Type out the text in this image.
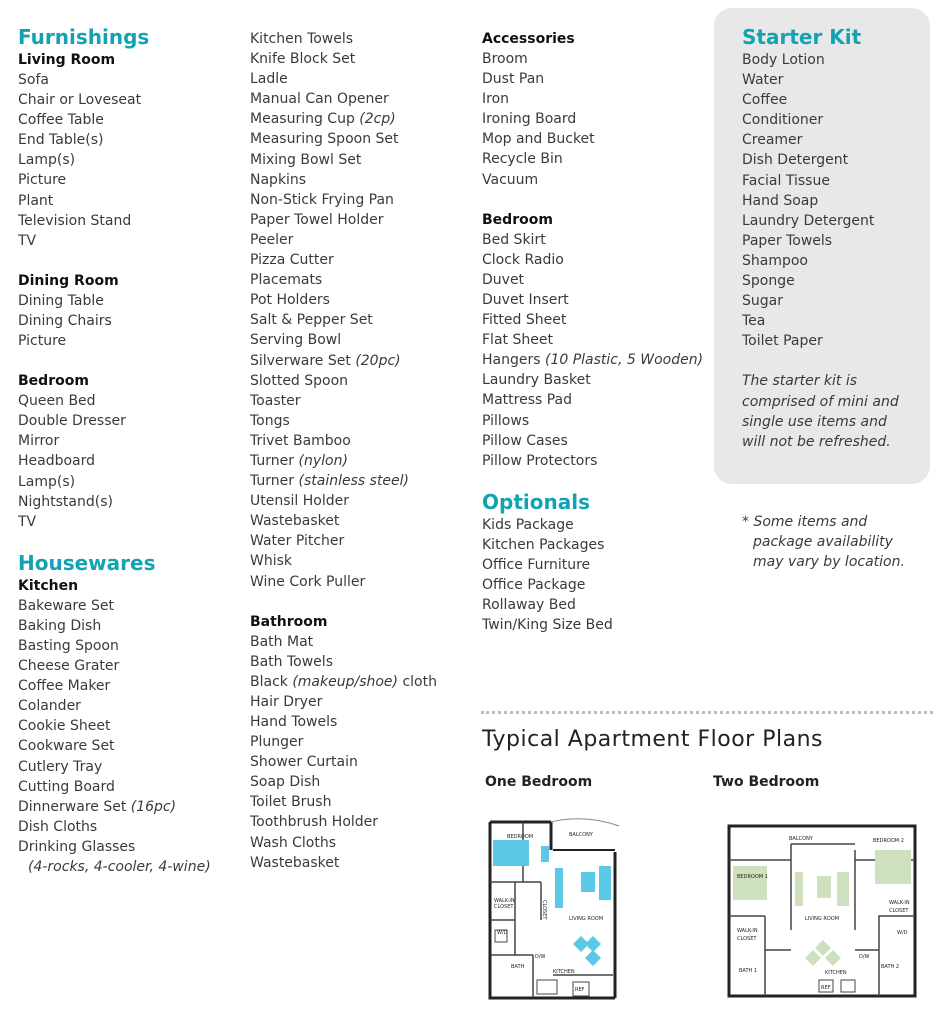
Furnishings
Living Room
Sofa
Chair or Loveseat
Coffee Table
End Table(s)
Lamp(s)
Picture
Plant
Television Stand
TV
Dining Room
Dining Table
Dining Chairs
Picture
Bedroom
Queen Bed
Double Dresser
Mirror
Headboard
Lamp(s)
Nightstand(s)
TV
Housewares
Kitchen
Bakeware Set
Baking Dish
Basting Spoon
Cheese Grater
Coffee Maker
Colander
Cookie Sheet
Cookware Set
Cutlery Tray
Cutting Board
Dinnerware Set (16pc)
Dish Cloths
Drinking Glasses
(4-rocks, 4-cooler, 4-wine)
Kitchen Towels
Knife Block Set
Ladle
Manual Can Opener
Measuring Cup (2cp)
Measuring Spoon Set
Mixing Bowl Set
Napkins
Non-Stick Frying Pan
Paper Towel Holder
Peeler
Pizza Cutter
Placemats
Pot Holders
Salt & Pepper Set
Serving Bowl
Silverware Set (20pc)
Slotted Spoon
Toaster
Tongs
Trivet Bamboo
Turner (nylon)
Turner (stainless steel)
Utensil Holder
Wastebasket
Water Pitcher
Whisk
Wine Cork Puller
Bathroom
Bath Mat
Bath Towels
Black (makeup/shoe) cloth
Hair Dryer
Hand Towels
Plunger
Shower Curtain
Soap Dish
Toilet Brush
Toothbrush Holder
Wash Cloths
Wastebasket
Accessories
Broom
Dust Pan
Iron
Ironing Board
Mop and Bucket
Recycle Bin
Vacuum
Bedroom
Bed Skirt
Clock Radio
Duvet
Duvet Insert
Fitted Sheet
Flat Sheet
Hangers (10 Plastic, 5 Wooden)
Laundry Basket
Mattress Pad
Pillows
Pillow Cases
Pillow Protectors
Optionals
Kids Package
Kitchen Packages
Office Furniture
Office Package
Rollaway Bed
Twin/King Size Bed
Starter Kit
Body Lotion
Water
Coffee
Conditioner
Creamer
Dish Detergent
Facial Tissue
Hand Soap
Laundry Detergent
Paper Towels
Shampoo
Sponge
Sugar
Tea
Toilet Paper
The starter kit is
comprised of mini and
single use items and
will not be refreshed.
* Some items and
package availability
may vary by location.
Typical Apartment Floor Plans
One Bedroom	Two Bedroom
BEDROOM	BALCONY
WALK-IN
CLOSET	CLOSET	LIVING ROOM
W/D
BATH
D/W
KITCHEN
REF
BALCONY
BEDROOM 1
BEDROOM 2
LIVING ROOM
WALK-IN
CLOSET
WALK-IN
CLOSET
W/D
BATH 1
BATH 2
D/W
KITCHEN
REF
